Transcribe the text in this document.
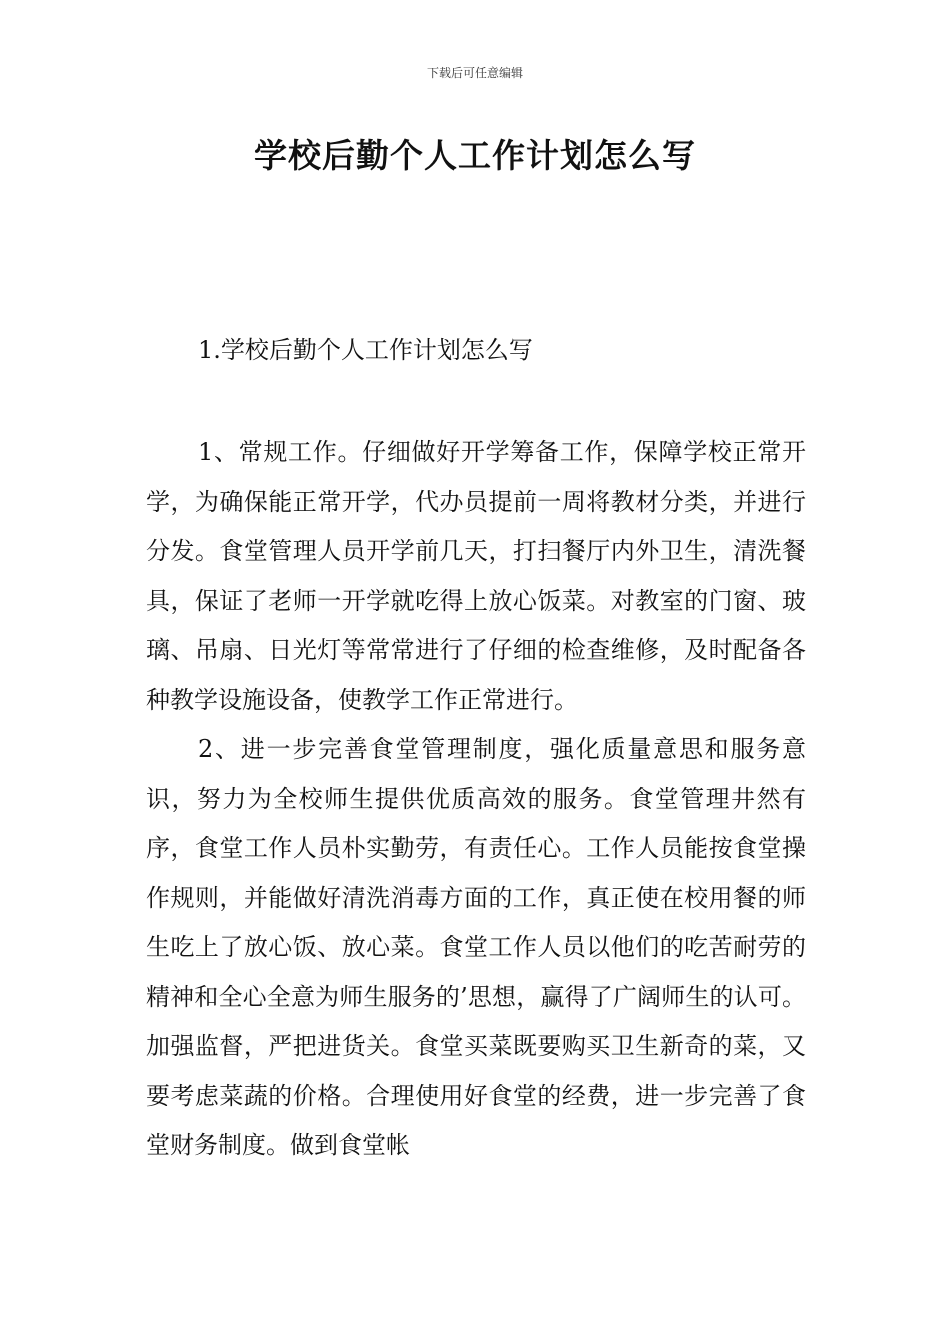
下载后可任意编辑
学校后勤个人工作计划怎么写
1.学校后勤个人工作计划怎么写

1、常规工作。仔细做好开学筹备工作，保障学校正常开学，为确保能正常开学，代办员提前一周将教材分类，并进行分发。食堂管理人员开学前几天，打扫餐厅内外卫生，清洗餐具，保证了老师一开学就吃得上放心饭菜。对教室的门窗、玻璃、吊扇、日光灯等常常进行了仔细的检查维修，及时配备各种教学设施设备，使教学工作正常进行。

2、进一步完善食堂管理制度，强化质量意思和服务意识，努力为全校师生提供优质高效的服务。食堂管理井然有序，食堂工作人员朴实勤劳，有责任心。工作人员能按食堂操作规则，并能做好清洗消毒方面的工作，真正使在校用餐的师生吃上了放心饭、放心菜。食堂工作人员以他们的吃苦耐劳的精神和全心全意为师生服务的’思想，赢得了广阔师生的认可。加强监督，严把进货关。食堂买菜既要购买卫生新奇的菜，又要考虑菜蔬的价格。合理使用好食堂的经费，进一步完善了食堂财务制度。做到食堂帐
